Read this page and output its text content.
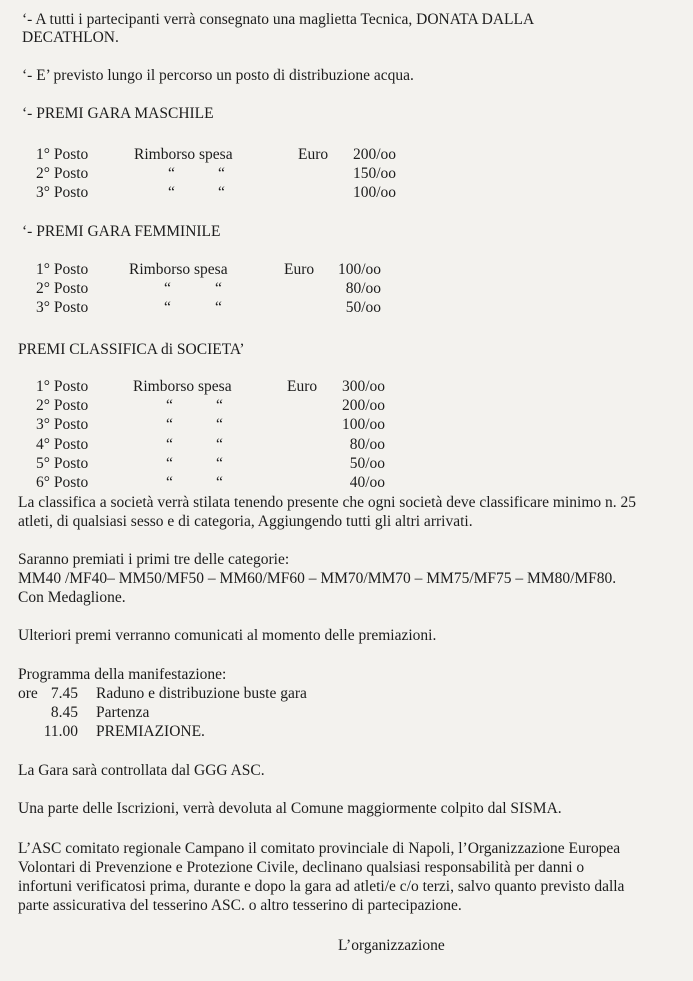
‘- A tutti i partecipanti verrà consegnato una maglietta Tecnica, DONATA DALLA
DECATHLON.
‘- E’ previsto lungo il percorso un posto di distribuzione acqua.
‘- PREMI GARA MASCHILE
1° Posto	Rimborso spesa	Euro 200/oo
2° Posto	“	“	150/oo
3° Posto	“	“	100/oo
‘- PREMI GARA FEMMINILE
1° Posto	Rimborso spesa	Euro 100/oo
2° Posto	“	“	80/oo
3° Posto	“	“	50/oo
PREMI CLASSIFICA di SOCIETA’
1° Posto	Rimborso spesa	Euro 300/oo
2° Posto	“	“	200/oo
3° Posto	“	“	100/oo
4° Posto	“	“	80/oo
5° Posto	“	“	50/oo
6° Posto	“	“	40/oo
La classifica a società verrà stilata tenendo presente che ogni società deve classificare minimo n. 25
atleti, di qualsiasi sesso e di categoria, Aggiungendo tutti gli altri arrivati.
Saranno premiati i primi tre delle categorie:
MM40 /MF40– MM50/MF50 – MM60/MF60 – MM70/MM70 – MM75/MF75 – MM80/MF80.
Con Medaglione.
Ulteriori premi verranno comunicati al momento delle premiazioni.
Programma della manifestazione:
ore 7.45 Raduno e distribuzione buste gara
8.45 Partenza
11.00 PREMIAZIONE.
La Gara sarà controllata dal GGG ASC.
Una parte delle Iscrizioni, verrà devoluta al Comune maggiormente colpito dal SISMA.
L’ASC comitato regionale Campano il comitato provinciale di Napoli, l’Organizzazione Europea
Volontari di Prevenzione e Protezione Civile, declinano qualsiasi responsabilità per danni o
infortuni verificatosi prima, durante e dopo la gara ad atleti/e c/o terzi, salvo quanto previsto dalla
parte assicurativa del tesserino ASC. o altro tesserino di partecipazione.
L’organizzazione
